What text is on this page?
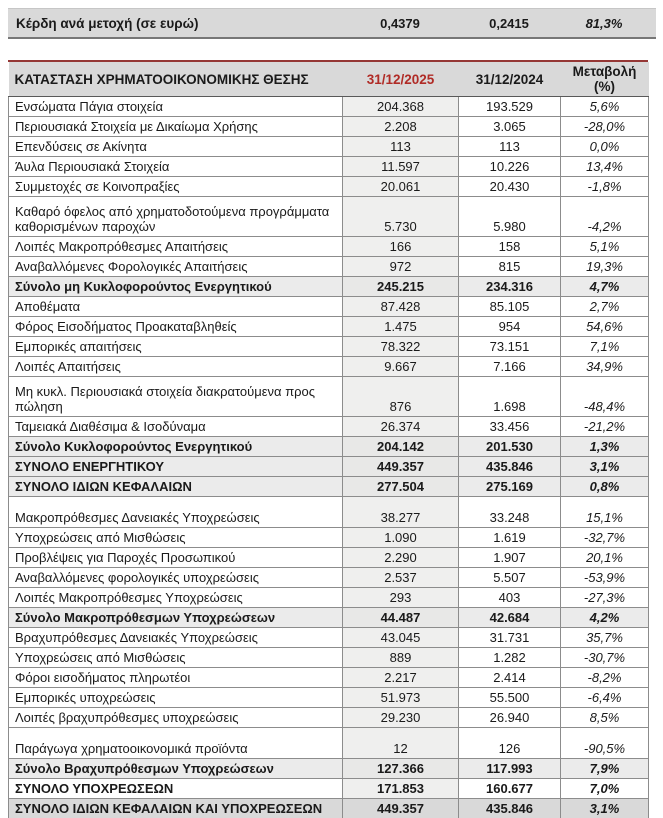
Κέρδη ανά μετοχή (σε ευρώ)	0,4379	0,2415	81,3%
ΚΑΤΑΣΤΑΣΗ ΧΡΗΜΑΤΟΟΙΚΟΝΟΜΙΚΗΣ ΘΕΣΗΣ	31/12/2025	31/12/2024	Μεταβολή (%)
Ενσώματα Πάγια στοιχεία	204.368	193.529	5,6%
Περιουσιακά Στοιχεία με Δικαίωμα Χρήσης	2.208	3.065	-28,0%
Επενδύσεις σε Ακίνητα	113	113	0,0%
Άυλα Περιουσιακά Στοιχεία	11.597	10.226	13,4%
Συμμετοχές σε Κοινοπραξίες	20.061	20.430	-1,8%
Καθαρό όφελος από χρηματοδοτούμενα προγράμματα καθορισμένων παροχών	5.730	5.980	-4,2%
Λοιπές Μακροπρόθεσμες Απαιτήσεις	166	158	5,1%
Αναβαλλόμενες Φορολογικές Απαιτήσεις	972	815	19,3%
Σύνολο μη Κυκλοφορούντος Ενεργητικού	245.215	234.316	4,7%
Αποθέματα	87.428	85.105	2,7%
Φόρος Εισοδήματος Προακαταβληθείς	1.475	954	54,6%
Εμπορικές απαιτήσεις	78.322	73.151	7,1%
Λοιπές Απαιτήσεις	9.667	7.166	34,9%
Μη κυκλ. Περιουσιακά στοιχεία διακρατούμενα προς πώληση	876	1.698	-48,4%
Ταμειακά Διαθέσιμα & Ισοδύναμα	26.374	33.456	-21,2%
Σύνολο Κυκλοφορούντος Ενεργητικού	204.142	201.530	1,3%
ΣΥΝΟΛΟ ΕΝΕΡΓΗΤΙΚΟΥ	449.357	435.846	3,1%
ΣΥΝΟΛΟ ΙΔΙΩΝ ΚΕΦΑΛΑΙΩΝ	277.504	275.169	0,8%
Μακροπρόθεσμες Δανειακές Υποχρεώσεις	38.277	33.248	15,1%
Υποχρεώσεις από Μισθώσεις	1.090	1.619	-32,7%
Προβλέψεις για Παροχές Προσωπικού	2.290	1.907	20,1%
Αναβαλλόμενες φορολογικές υποχρεώσεις	2.537	5.507	-53,9%
Λοιπές Μακροπρόθεσμες Υποχρεώσεις	293	403	-27,3%
Σύνολο Μακροπρόθεσμων Υποχρεώσεων	44.487	42.684	4,2%
Βραχυπρόθεσμες Δανειακές Υποχρεώσεις	43.045	31.731	35,7%
Υποχρεώσεις από Μισθώσεις	889	1.282	-30,7%
Φόροι εισοδήματος πληρωτέοι	2.217	2.414	-8,2%
Εμπορικές υποχρεώσεις	51.973	55.500	-6,4%
Λοιπές βραχυπρόθεσμες υποχρεώσεις	29.230	26.940	8,5%
Παράγωγα χρηματοοικονομικά προϊόντα	12	126	-90,5%
Σύνολο Βραχυπρόθεσμων Υποχρεώσεων	127.366	117.993	7,9%
ΣΥΝΟΛΟ ΥΠΟΧΡΕΩΣΕΩΝ	171.853	160.677	7,0%
ΣΥΝΟΛΟ ΙΔΙΩΝ ΚΕΦΑΛΑΙΩΝ ΚΑΙ ΥΠΟΧΡΕΩΣΕΩΝ	449.357	435.846	3,1%
